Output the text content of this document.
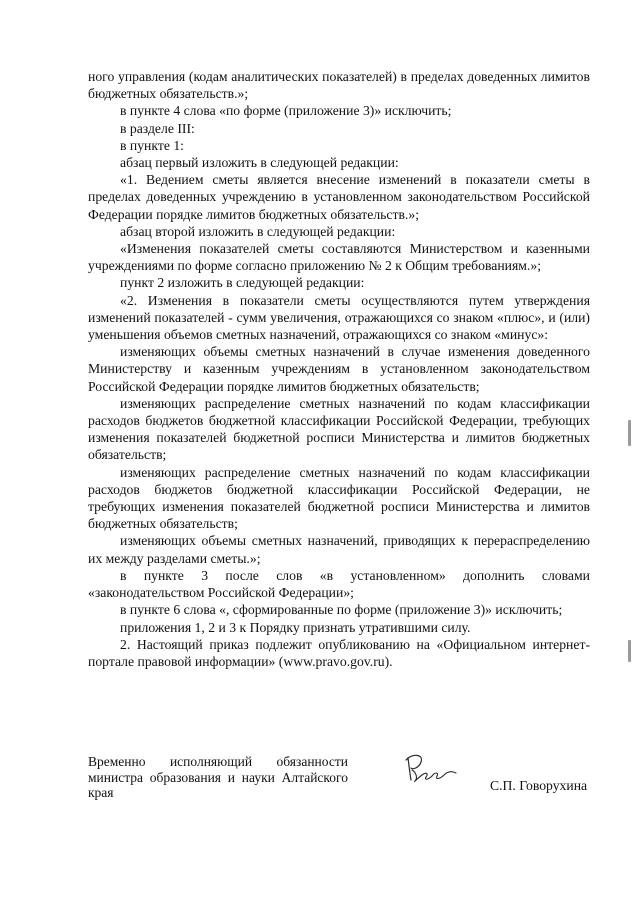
ного управления (кодам аналитических показателей) в пределах доведенных лимитов бюджетных обязательств.»;

в пункте 4 слова «по форме (приложение 3)» исключить;

в разделе III:

в пункте 1:

абзац первый изложить в следующей редакции:

«1. Ведением сметы является внесение изменений в показатели сметы в пределах доведенных учреждению в установленном законодательством Российской Федерации порядке лимитов бюджетных обязательств.»;

абзац второй изложить в следующей редакции:

«Изменения показателей сметы составляются Министерством и казенными учреждениями по форме согласно приложению № 2 к Общим требованиям.»;

пункт 2 изложить в следующей редакции:

«2. Изменения в показатели сметы осуществляются путем утверждения изменений показателей - сумм увеличения, отражающихся со знаком «плюс», и (или) уменьшения объемов сметных назначений, отражающихся со знаком «минус»:

изменяющих объемы сметных назначений в случае изменения доведенного Министерству и казенным учреждениям в установленном законодательством Российской Федерации порядке лимитов бюджетных обязательств;

изменяющих распределение сметных назначений по кодам классификации расходов бюджетов бюджетной классификации Российской Федерации, требующих изменения показателей бюджетной росписи Министерства и лимитов бюджетных обязательств;

изменяющих распределение сметных назначений по кодам классификации расходов бюджетов бюджетной классификации Российской Федерации, не требующих изменения показателей бюджетной росписи Министерства и лимитов бюджетных обязательств;

изменяющих объемы сметных назначений, приводящих к перераспределению их между разделами сметы.»;

в пункте 3 после слов «в установленном» дополнить словами «законодательством Российской Федерации»;

в пункте 6 слова «, сформированные по форме (приложение 3)» исключить;

приложения 1, 2 и 3 к Порядку признать утратившими силу.

2. Настоящий приказ подлежит опубликованию на «Официальном интернет-портале правовой информации» (www.pravo.gov.ru).

Временно исполняющий обязанности министра образования и науки Алтайского края	С.П. Говорухина
